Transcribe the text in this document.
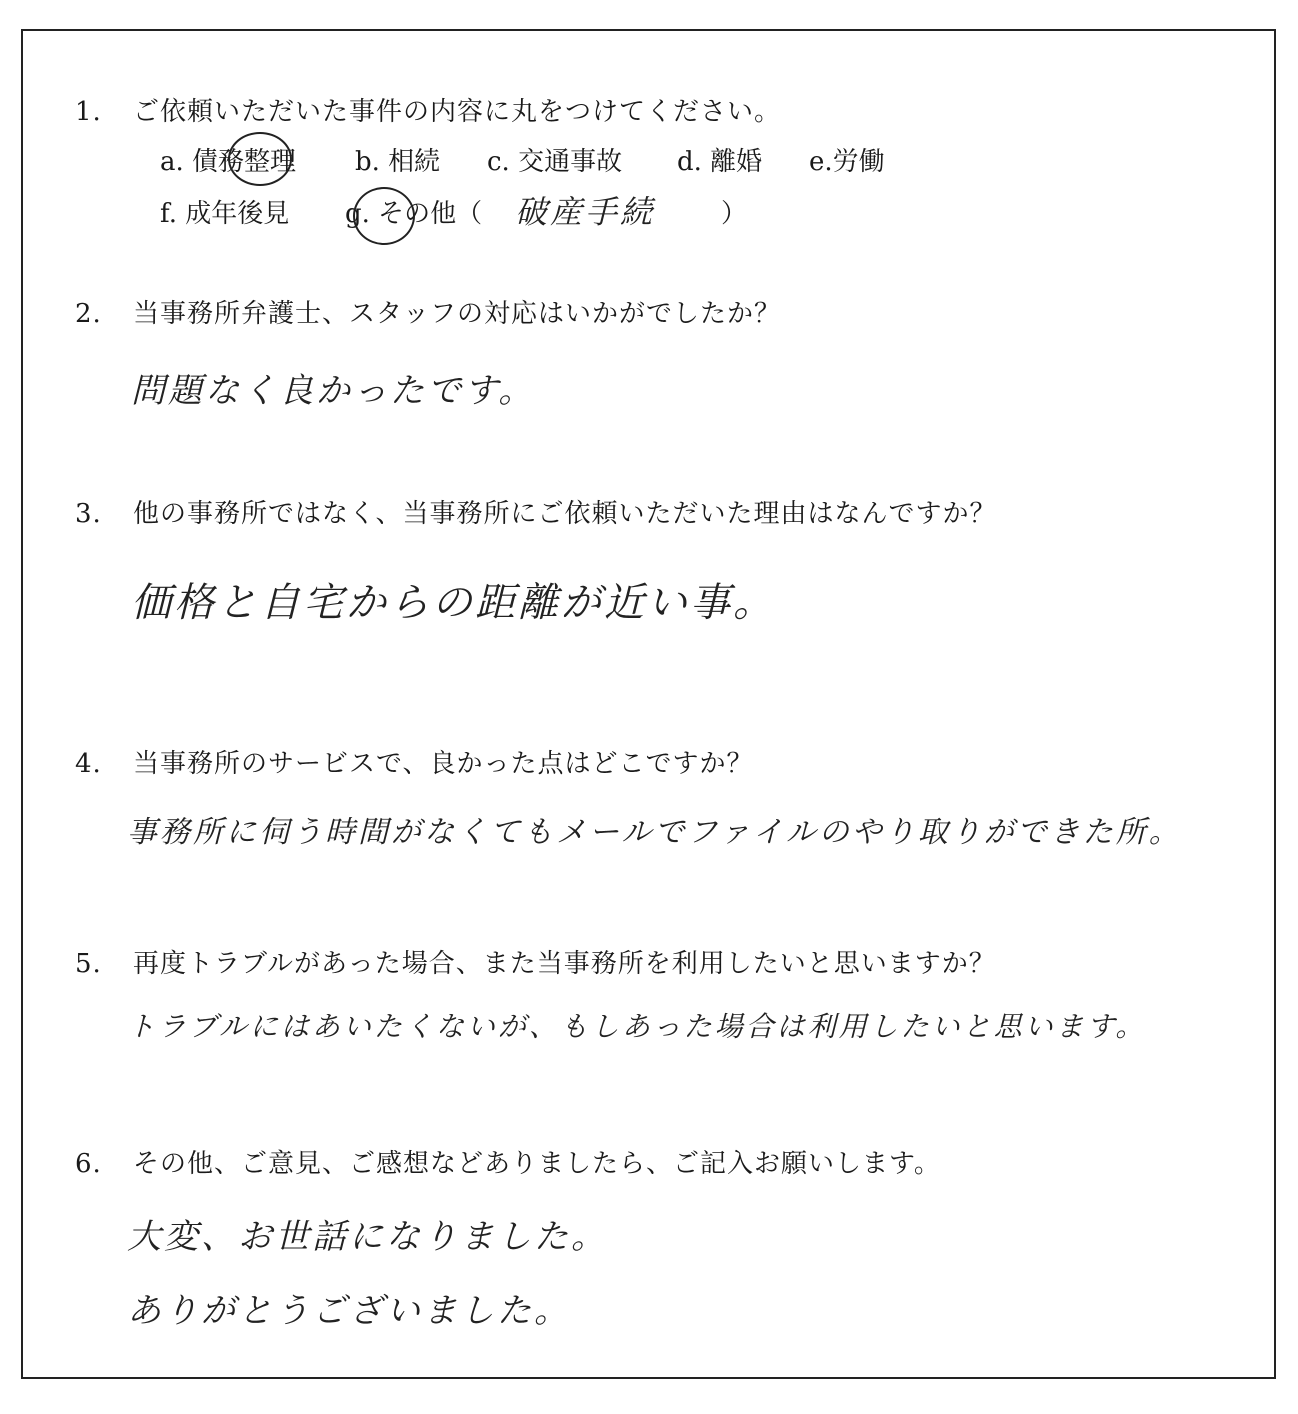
1. ご依頼いただいた事件の内容に丸をつけてください。
a. 債務整理 b. 相続 c. 交通事故 d. 離婚 e.労働
f. 成年後見 g. その他（ 破産手続	）
2. 当事務所弁護士、スタッフの対応はいかがでしたか？
問題なく良かったです。
3. 他の事務所ではなく、当事務所にご依頼いただいた理由はなんですか？
価格と自宅からの距離が近い事。
4. 当事務所のサービスで、良かった点はどこですか？
事務所に伺う時間がなくてもメールでファイルのやり取りができた所。
5. 再度トラブルがあった場合、また当事務所を利用したいと思いますか？
トラブルにはあいたくないが、もしあった場合は利用したいと思います。
6. その他、ご意見、ご感想などありましたら、ご記入お願いします。
大変、お世話になりました。
ありがとうございました。
